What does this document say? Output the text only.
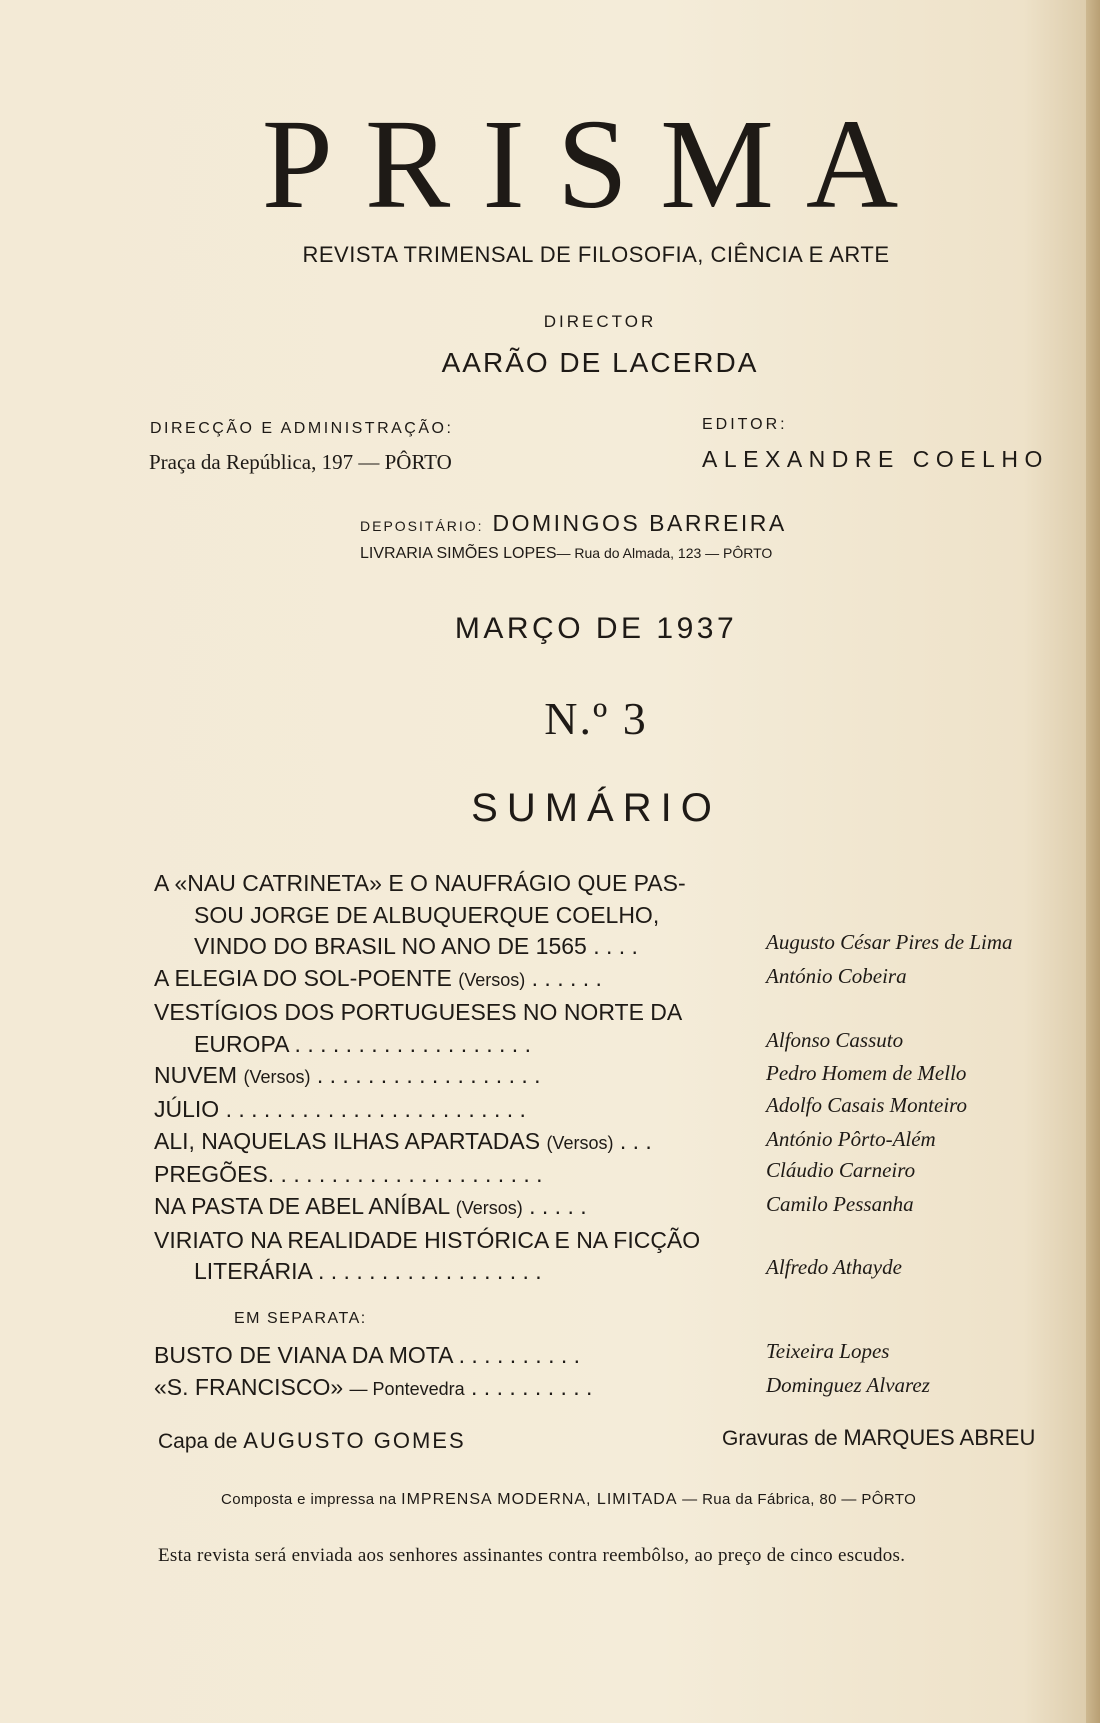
PRISMA
REVISTA TRIMENSAL DE FILOSOFIA, CIÊNCIA E ARTE
DIRECTOR
AARÃO DE LACERDA
DIRECÇÃO E ADMINISTRAÇÃO:
Praça da República, 197 — PÔRTO
EDITOR:
ALEXANDRE COELHO
DEPOSITÁRIO: DOMINGOS BARREIRA
LIVRARIA SIMÕES LOPES— Rua do Almada, 123 — PÔRTO
MARÇO DE 1937
N.º 3
SUMÁRIO
A «NAU CATRINETA» E O NAUFRÁGIO QUE PAS-
SOU JORGE DE ALBUQUERQUE COELHO,
VINDO DO BRASIL NO ANO DE 1565 . . . .	Augusto César Pires de Lima
A ELEGIA DO SOL-POENTE (Versos) . . . . . .	António Cobeira
VESTÍGIOS DOS PORTUGUESES NO NORTE DA
EUROPA . . . . . . . . . . . . . . . . . . .	Alfonso Cassuto
NUVEM (Versos) . . . . . . . . . . . . . . . . . .	Pedro Homem de Mello
JÚLIO . . . . . . . . . . . . . . . . . . . . . . . .	Adolfo Casais Monteiro
ALI, NAQUELAS ILHAS APARTADAS (Versos) . . .	António Pôrto-Além
PREGÕES. . . . . . . . . . . . . . . . . . . . . .	Cláudio Carneiro
NA PASTA DE ABEL ANÍBAL (Versos) . . . . .	Camilo Pessanha
VIRIATO NA REALIDADE HISTÓRICA E NA FICÇÃO
LITERÁRIA . . . . . . . . . . . . . . . . . .	Alfredo Athayde
EM SEPARATA:
BUSTO DE VIANA DA MOTA . . . . . . . . . .	Teixeira Lopes
«S. FRANCISCO» — Pontevedra . . . . . . . . . .	Dominguez Alvarez
Capa de AUGUSTO GOMES	Gravuras de MARQUES ABREU
Composta e impressa na IMPRENSA MODERNA, LIMITADA — Rua da Fábrica, 80 — PÔRTO
Esta revista será enviada aos senhores assinantes contra reembôlso, ao preço de cinco escudos.
